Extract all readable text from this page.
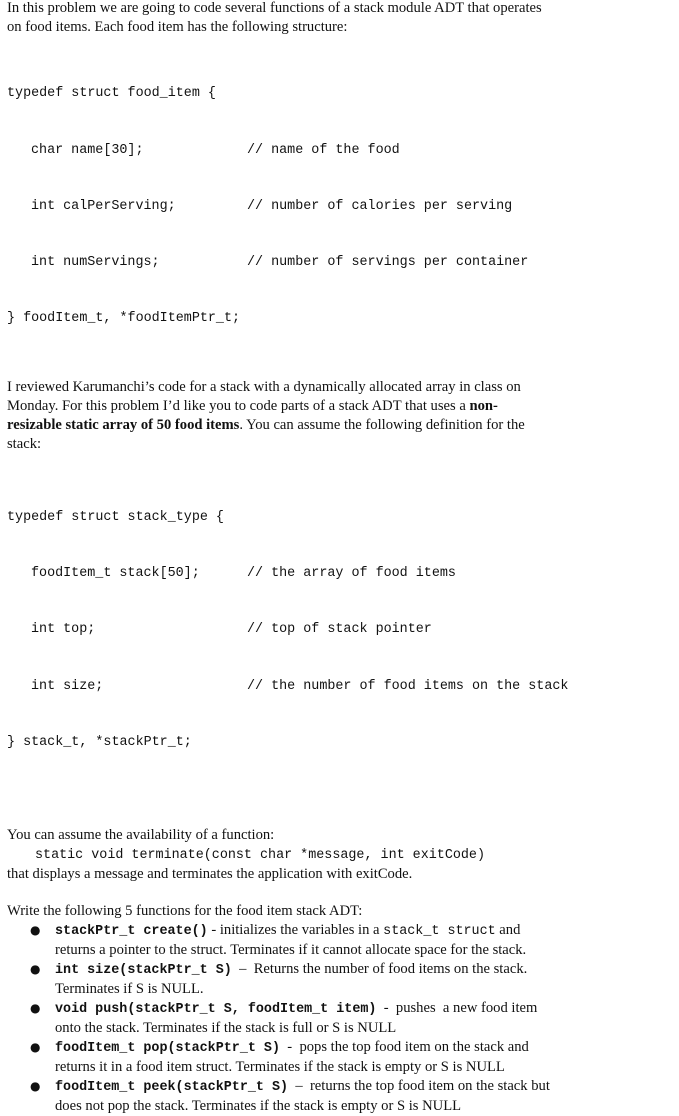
In this problem we are going to code several functions of a stack module ADT that operates
on food items. Each food item has the following structure:

typedef struct food_item {

char name[30];	// name of the food

int calPerServing;	// number of calories per serving

int numServings;	// number of servings per container

} foodItem_t, *foodItemPtr_t;

I reviewed Karumanchi’s code for a stack with a dynamically allocated array in class on
Monday. For this problem I’d like you to code parts of a stack ADT that uses a non-
resizable static array of 50 food items. You can assume the following definition for the
stack:

typedef struct stack_type {

foodItem_t stack[50];	// the array of food items

int top;	// top of stack pointer

int size;	// the number of food items on the stack

} stack_t, *stackPtr_t;

You can assume the availability of a function:
static void terminate(const char *message, int exitCode)
that displays a message and terminates the application with exitCode.

Write the following 5 functions for the food item stack ADT:

● stackPtr_t create() - initializes the variables in a stack_t struct and
returns a pointer to the struct. Terminates if it cannot allocate space for the stack.
● int size(stackPtr_t S)  –  Returns the number of food items on the stack.
Terminates if S is NULL.
● void push(stackPtr_t S, foodItem_t item)  -  pushes  a new food item
onto the stack. Terminates if the stack is full or S is NULL
● foodItem_t pop(stackPtr_t S)  -  pops the top food item on the stack and
returns it in a food item struct. Terminates if the stack is empty or S is NULL
● foodItem_t peek(stackPtr_t S)  –  returns the top food item on the stack but
does not pop the stack. Terminates if the stack is empty or S is NULL
